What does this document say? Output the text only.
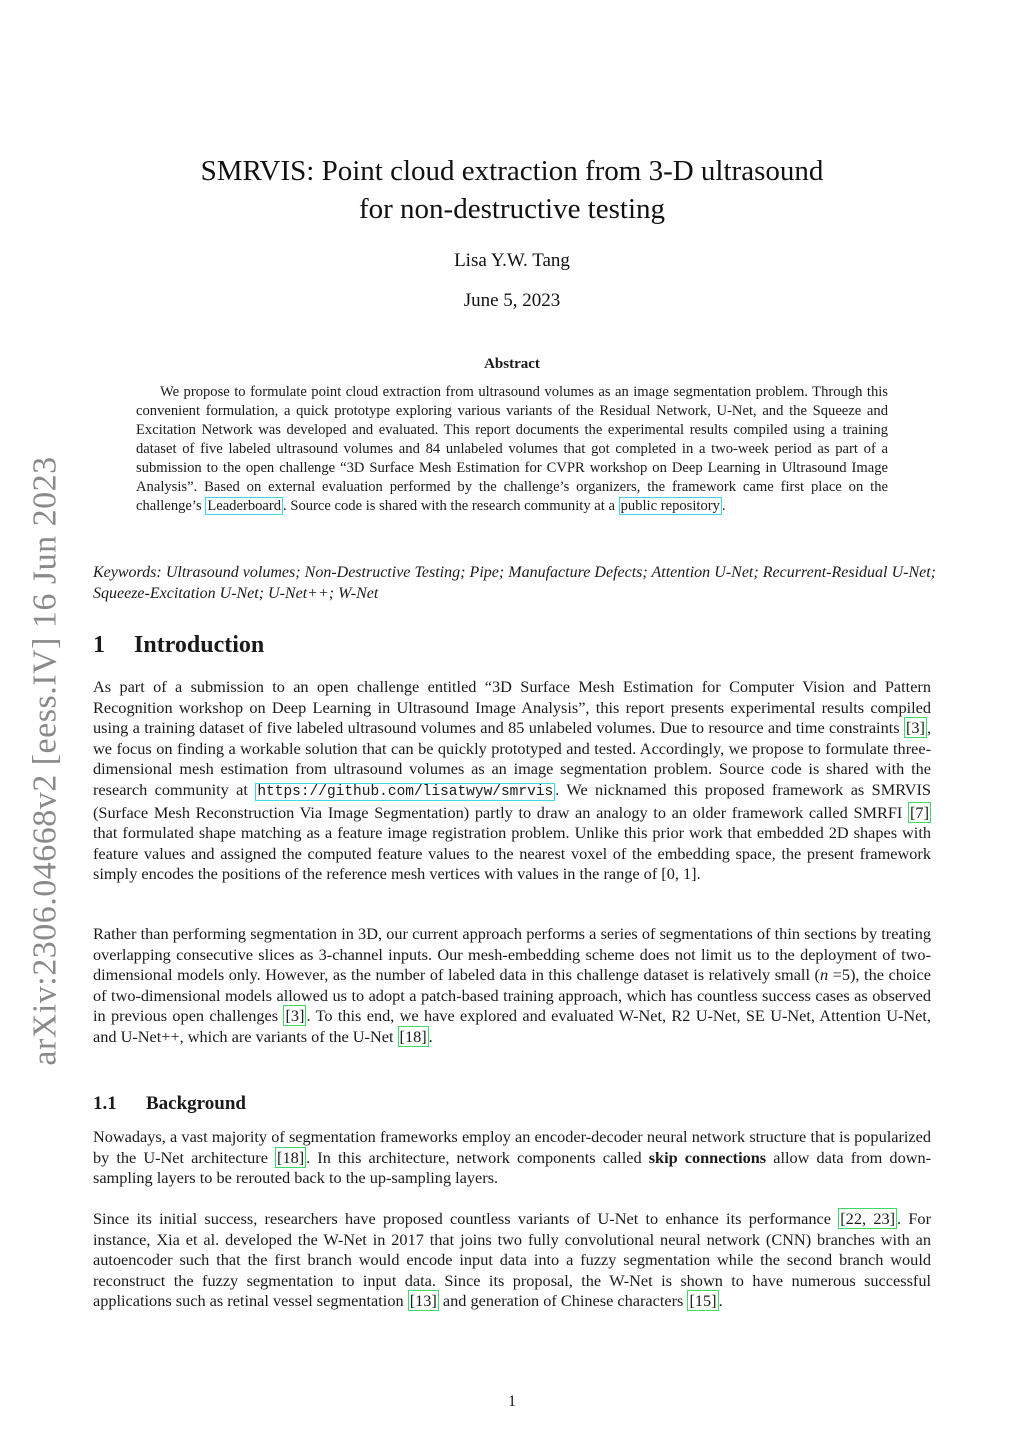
arXiv:2306.04668v2 [eess.IV] 16 Jun 2023
SMRVIS: Point cloud extraction from 3-D ultrasound
for non-destructive testing
Lisa Y.W. Tang
June 5, 2023
Abstract

We propose to formulate point cloud extraction from ultrasound volumes as an image segmentation problem. Through this convenient formulation, a quick prototype exploring various variants of the Residual Network, U-Net, and the Squeeze and Excitation Network was developed and evaluated. This report documents the experimental results compiled using a training dataset of five labeled ultrasound volumes and 84 unlabeled volumes that got completed in a two-week period as part of a submission to the open challenge “3D Surface Mesh Estimation for CVPR workshop on Deep Learning in Ultrasound Image Analysis”. Based on external evaluation performed by the challenge’s organizers, the framework came first place on the challenge’s Leaderboard . Source code is shared with the research community at a public repository .

Keywords: Ultrasound volumes; Non-Destructive Testing; Pipe; Manufacture Defects; Attention U-Net; Recurrent-Residual U-Net; Squeeze-Excitation U-Net; U-Net++; W-Net

1 Introduction

As part of a submission to an open challenge entitled “3D Surface Mesh Estimation for Computer Vision and Pattern Recognition workshop on Deep Learning in Ultrasound Image Analysis”, this report presents experimental results compiled using a training dataset of five labeled ultrasound volumes and 85 unlabeled volumes. Due to resource and time constraints [3] , we focus on finding a workable solution that can be quickly prototyped and tested. Accordingly, we propose to formulate three-dimensional mesh estimation from ultrasound volumes as an image segmentation problem. Source code is shared with the research community at https://github.com/lisatwyw/smrvis . We nicknamed this proposed framework as SMRVIS (Surface Mesh Reconstruction Via Image Segmentation) partly to draw an analogy to an older framework called SMRFI [7] that formulated shape matching as a feature image registration problem. Unlike this prior work that embedded 2D shapes with feature values and assigned the computed feature values to the nearest voxel of the embedding space, the present framework simply encodes the positions of the reference mesh vertices with values in the range of [0, 1].

Rather than performing segmentation in 3D, our current approach performs a series of segmentations of thin sections by treating overlapping consecutive slices as 3-channel inputs. Our mesh-embedding scheme does not limit us to the deployment of two-dimensional models only. However, as the number of labeled data in this challenge dataset is relatively small (n =5), the choice of two-dimensional models allowed us to adopt a patch-based training approach, which has countless success cases as observed in previous open challenges [3] . To this end, we have explored and evaluated W-Net, R2 U-Net, SE U-Net, Attention U-Net, and U-Net++, which are variants of the U-Net [18] .

1.1 Background

Nowadays, a vast majority of segmentation frameworks employ an encoder-decoder neural network structure that is popularized by the U-Net architecture [18] . In this architecture, network components called skip connections allow data from down-sampling layers to be rerouted back to the up-sampling layers.

Since its initial success, researchers have proposed countless variants of U-Net to enhance its performance [22, 23] . For instance, Xia et al. developed the W-Net in 2017 that joins two fully convolutional neural network (CNN) branches with an autoencoder such that the first branch would encode input data into a fuzzy segmentation while the second branch would reconstruct the fuzzy segmentation to input data. Since its proposal, the W-Net is shown to have numerous successful applications such as retinal vessel segmentation [13] and generation of Chinese characters [15] .

1
